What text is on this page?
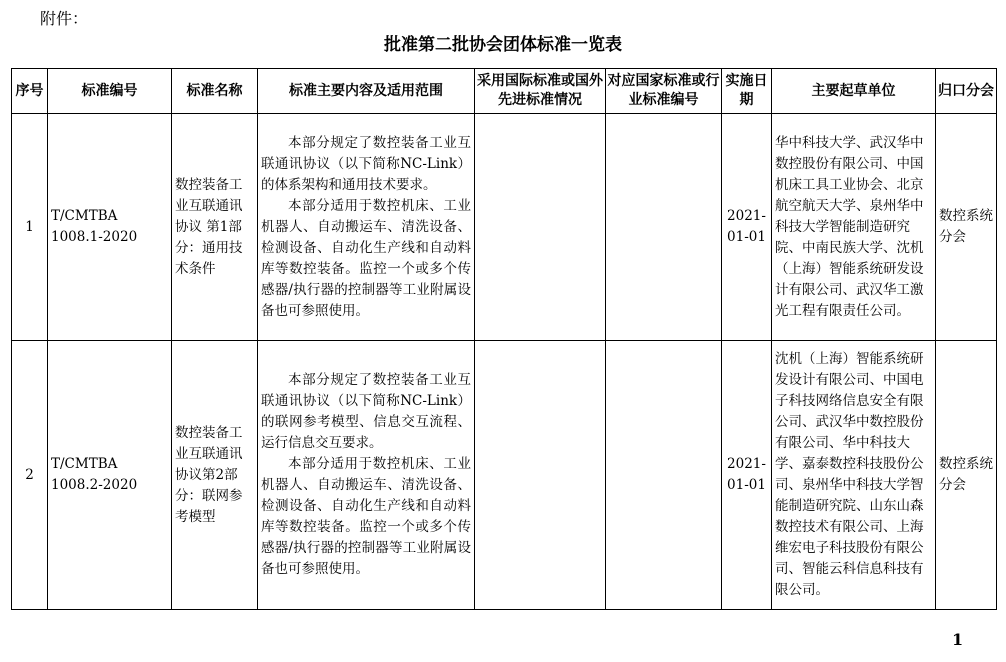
附件：
批准第二批协会团体标准一览表
序号	标准编号	标准名称	标准主要内容及适用范围	采用国际标准或国外先进标准情况	对应国家标准或行业标准编号	实施日期	主要起草单位	归口分会
1	T/CMTBA 1008.1-2020	数控装备工业互联通讯协议 第1部分：通用技术条件	本部分规定了数控装备工业互联通讯协议（以下简称NC-Link）的体系架构和通用技术要求。

本部分适用于数控机床、工业机器人、自动搬运车、清洗设备、检测设备、自动化生产线和自动料库等数控装备。监控一个或多个传感器/执行器的控制器等工业附属设备也可参照使用。			2021-01-01	华中科技大学、武汉华中数控股份有限公司、中国机床工具工业协会、北京航空航天大学、泉州华中科技大学智能制造研究院、中南民族大学、沈机（上海）智能系统研发设计有限公司、武汉华工激光工程有限责任公司。	数控系统分会
2	T/CMTBA 1008.2-2020	数控装备工业互联通讯协议第2部分：联网参考模型	本部分规定了数控装备工业互联通讯协议（以下简称NC-Link）的联网参考模型、信息交互流程、运行信息交互要求。

本部分适用于数控机床、工业机器人、自动搬运车、清洗设备、检测设备、自动化生产线和自动料库等数控装备。监控一个或多个传感器/执行器的控制器等工业附属设备也可参照使用。			2021-01-01	沈机（上海）智能系统研发设计有限公司、中国电子科技网络信息安全有限公司、武汉华中数控股份有限公司、华中科技大学、嘉泰数控科技股份公司、泉州华中科技大学智能制造研究院、山东山森数控技术有限公司、上海维宏电子科技股份有限公司、智能云科信息科技有限公司。	数控系统分会
1
